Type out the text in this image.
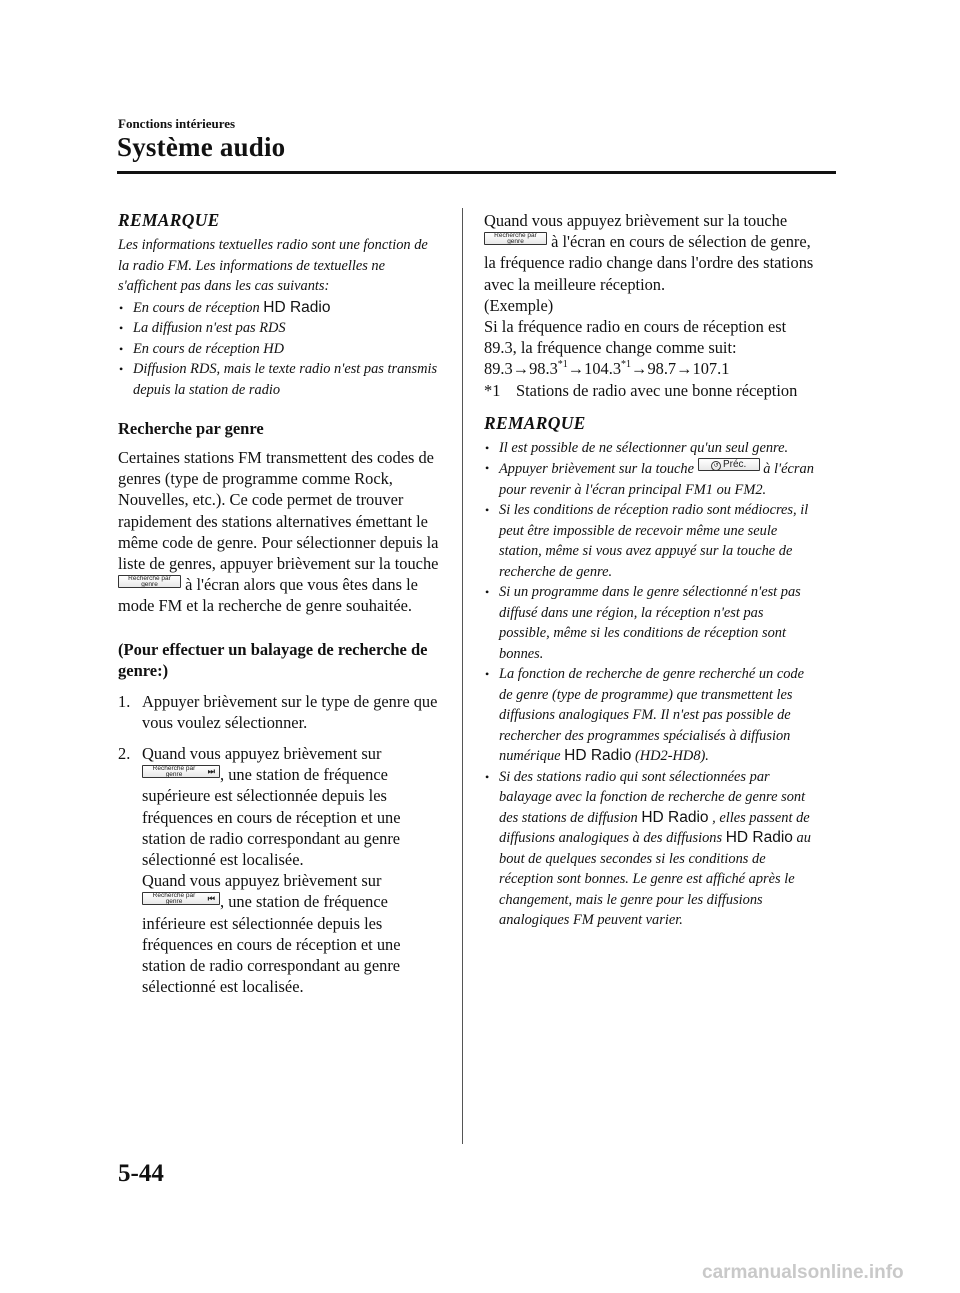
Fonctions intérieures
Système audio
REMARQUE
Les informations textuelles radio sont une fonction de la radio FM. Les informations de textuelles ne s'affichent pas dans les cas suivants:
• En cours de réception HD Radio
• La diffusion n'est pas RDS
• En cours de réception HD
• Diffusion RDS, mais le texte radio n'est pas transmis depuis la station de radio
Recherche par genre
Certaines stations FM transmettent des codes de genres (type de programme comme Rock, Nouvelles, etc.). Ce code permet de trouver rapidement des stations alternatives émettant le même code de genre. Pour sélectionner depuis la liste de genres, appuyer brièvement sur la touche Recherche par
genre à l'écran alors que vous êtes dans le mode FM et la recherche de genre souhaitée.
(Pour effectuer un balayage de recherche de genre:)
1. Appuyer brièvement sur le type de genre que vous voulez sélectionner.
2. Quand vous appuyez brièvement sur
Recherche par
genre	⏭ , une station de fréquence supérieure est sélectionnée depuis les fréquences en cours de réception et une station de radio correspondant au genre sélectionné est localisée.
Quand vous appuyez brièvement sur
Recherche par
genre	⏮ , une station de fréquence inférieure est sélectionnée depuis les fréquences en cours de réception et une station de radio correspondant au genre sélectionné est localisée.
Quand vous appuyez brièvement sur la touche Recherche par
genre à l'écran en cours de sélection de genre, la fréquence radio change dans l'ordre des stations avec la meilleure réception.
(Exemple)
Si la fréquence radio en cours de réception est 89.3, la fréquence change comme suit:
$89.3\to 98.3^{*1}\to 104.3^{*1}\to 98.7\to 107.1$
*1 Stations de radio avec une bonne réception
REMARQUE
• Il est possible de ne sélectionner qu'un seul genre.
• Appuyer brièvement sur la touche	↺ Préc. à l'écran pour revenir à l'écran principal FM1 ou FM2.
• Si les conditions de réception radio sont médiocres, il peut être impossible de recevoir même une seule station, même si vous avez appuyé sur la touche de recherche de genre.
• Si un programme dans le genre sélectionné n'est pas diffusé dans une région, la réception n'est pas possible, même si les conditions de réception sont bonnes.
• La fonction de recherche de genre recherché un code de genre (type de programme) que transmettent les diffusions analogiques FM. Il n'est pas possible de rechercher des programmes spécialisés à diffusion numérique HD Radio (HD2-HD8).
• Si des stations radio qui sont sélectionnées par balayage avec la fonction de recherche de genre sont des stations de diffusion HD Radio , elles passent de diffusions analogiques à des diffusions HD Radio au bout de quelques secondes si les conditions de réception sont bonnes. Le genre est affiché après le changement, mais le genre pour les diffusions analogiques FM peuvent varier.
5-44
carmanualsonline.info
